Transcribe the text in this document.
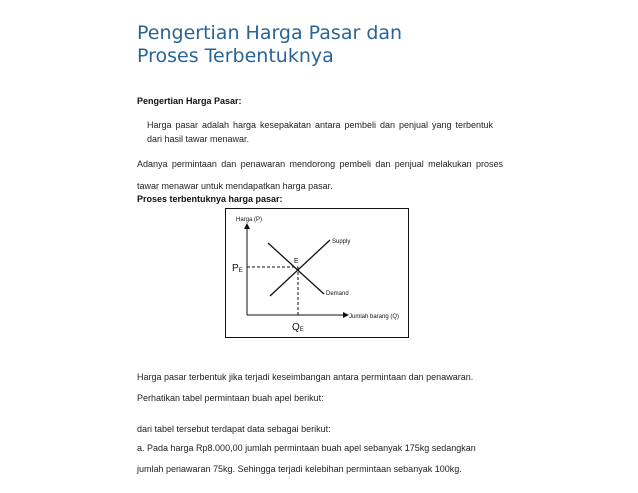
Pengertian Harga Pasar dan Proses Terbentuknya
Pengertian Harga Pasar:
Harga pasar adalah harga kesepakatan antara pembeli dan penjual yang terbentuk dari hasil tawar menawar.
Adanya permintaan dan penawaran mendorong pembeli dan penjual melakukan proses tawar menawar untuk mendapatkan harga pasar.
Proses terbentuknya harga pasar:
Harga (P)
Jumlah barang (Q)
Supply
Demand
E
PE
QE
Harga pasar terbentuk jika terjadi keseimbangan antara permintaan dan penawaran.
Perhatikan tabel permintaan buah apel berikut:
dari tabel tersebut terdapat data sebagai berikut:
a. Pada harga Rp8.000,00 jumlah permintaan buah apel sebanyak 175kg sedangkan
jumlah penawaran 75kg. Sehingga terjadi kelebihan permintaan sebanyak 100kg.
